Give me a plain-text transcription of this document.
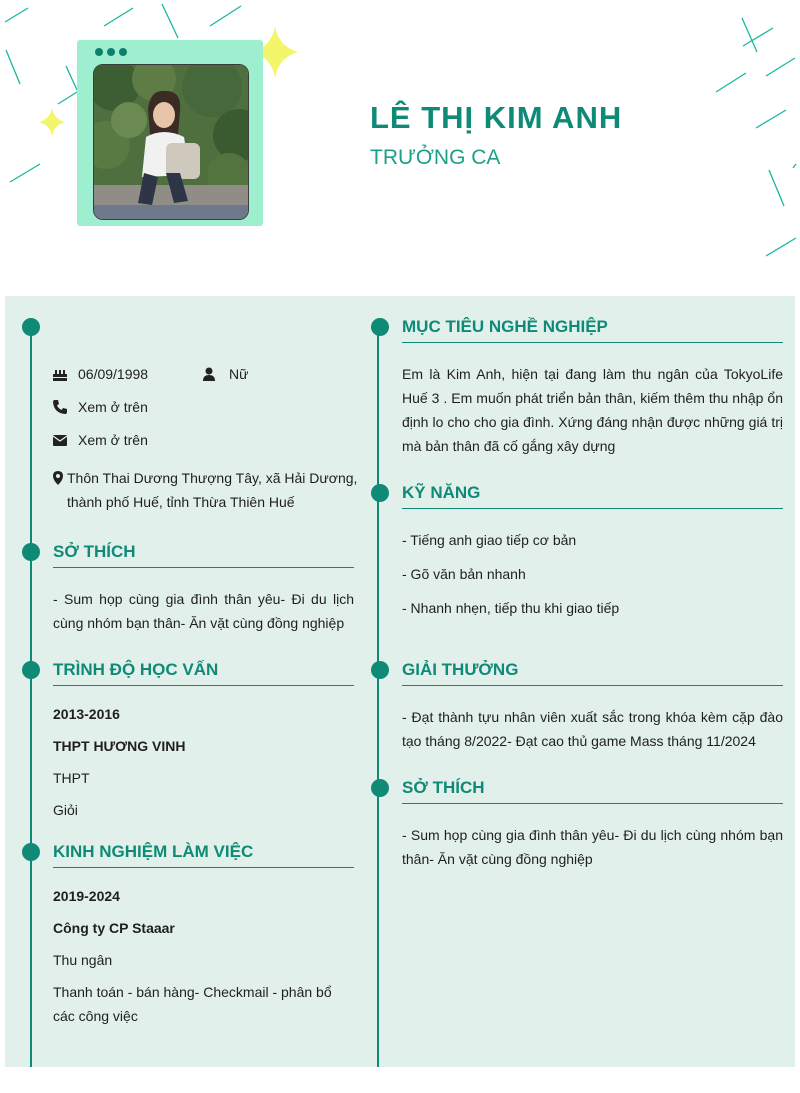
LÊ THỊ KIM ANH
TRƯỞNG CA
06/09/1998	Nữ
Xem ở trên
Xem ở trên
Thôn Thai Dương Thượng Tây, xã Hải Dương,
thành phố Huế, tỉnh Thừa Thiên Huế
SỞ THÍCH
- Sum họp cùng gia đình thân yêu- Đi du lịch cùng nhóm bạn thân- Ăn vặt cùng đồng nghiệp
TRÌNH ĐỘ HỌC VẤN
2013-2016
THPT HƯƠNG VINH
THPT
Giỏi
KINH NGHIỆM LÀM VIỆC
2019-2024
Công ty CP Staaar
Thu ngân
Thanh toán - bán hàng- Checkmail - phân bổ các công việc
MỤC TIÊU NGHỀ NGHIỆP
Em là Kim Anh, hiện tại đang làm thu ngân của TokyoLife Huế 3 . Em muốn phát triển bản thân, kiếm thêm thu nhập ổn định lo cho cho gia đình. Xứng đáng nhận được những giá trị mà bản thân đã cố gắng xây dựng
KỸ NĂNG
- Tiếng anh giao tiếp cơ bản
- Gõ văn bản nhanh
- Nhanh nhẹn, tiếp thu khi giao tiếp
GIẢI THƯỞNG
- Đạt thành tựu nhân viên xuất sắc trong khóa kèm cặp đào tạo tháng 8/2022- Đạt cao thủ game Mass tháng 11/2024
SỞ THÍCH
- Sum họp cùng gia đình thân yêu- Đi du lịch cùng nhóm bạn thân- Ăn vặt cùng đồng nghiệp
